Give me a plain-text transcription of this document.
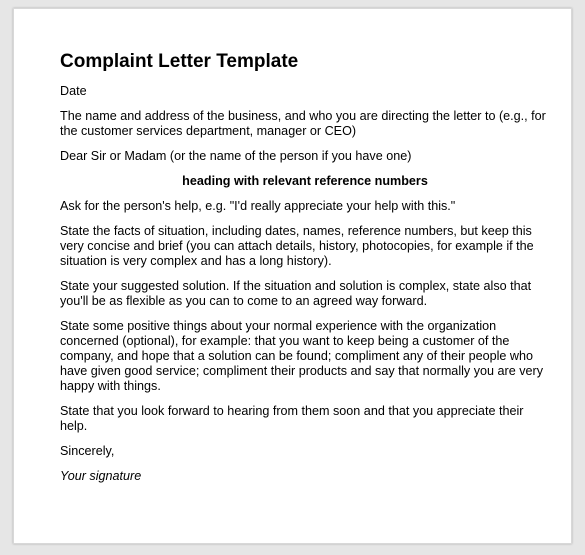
Complaint Letter Template
Date
The name and address of the business, and who you are directing the letter to (e.g., for the customer services department, manager or CEO)
Dear Sir or Madam (or the name of the person if you have one)
heading with relevant reference numbers
Ask for the person's help, e.g. "I'd really appreciate your help with this."
State the facts of situation, including dates, names, reference numbers, but keep this very concise and brief (you can attach details, history, photocopies, for example if the situation is very complex and has a long history).
State your suggested solution. If the situation and solution is complex, state also that you'll be as flexible as you can to come to an agreed way forward.
State some positive things about your normal experience with the organization concerned (optional), for example: that you want to keep being a customer of the company, and hope that a solution can be found; compliment any of their people who have given good service; compliment their products and say that normally you are very happy with things.
State that you look forward to hearing from them soon and that you appreciate their help.
Sincerely,
Your signature
